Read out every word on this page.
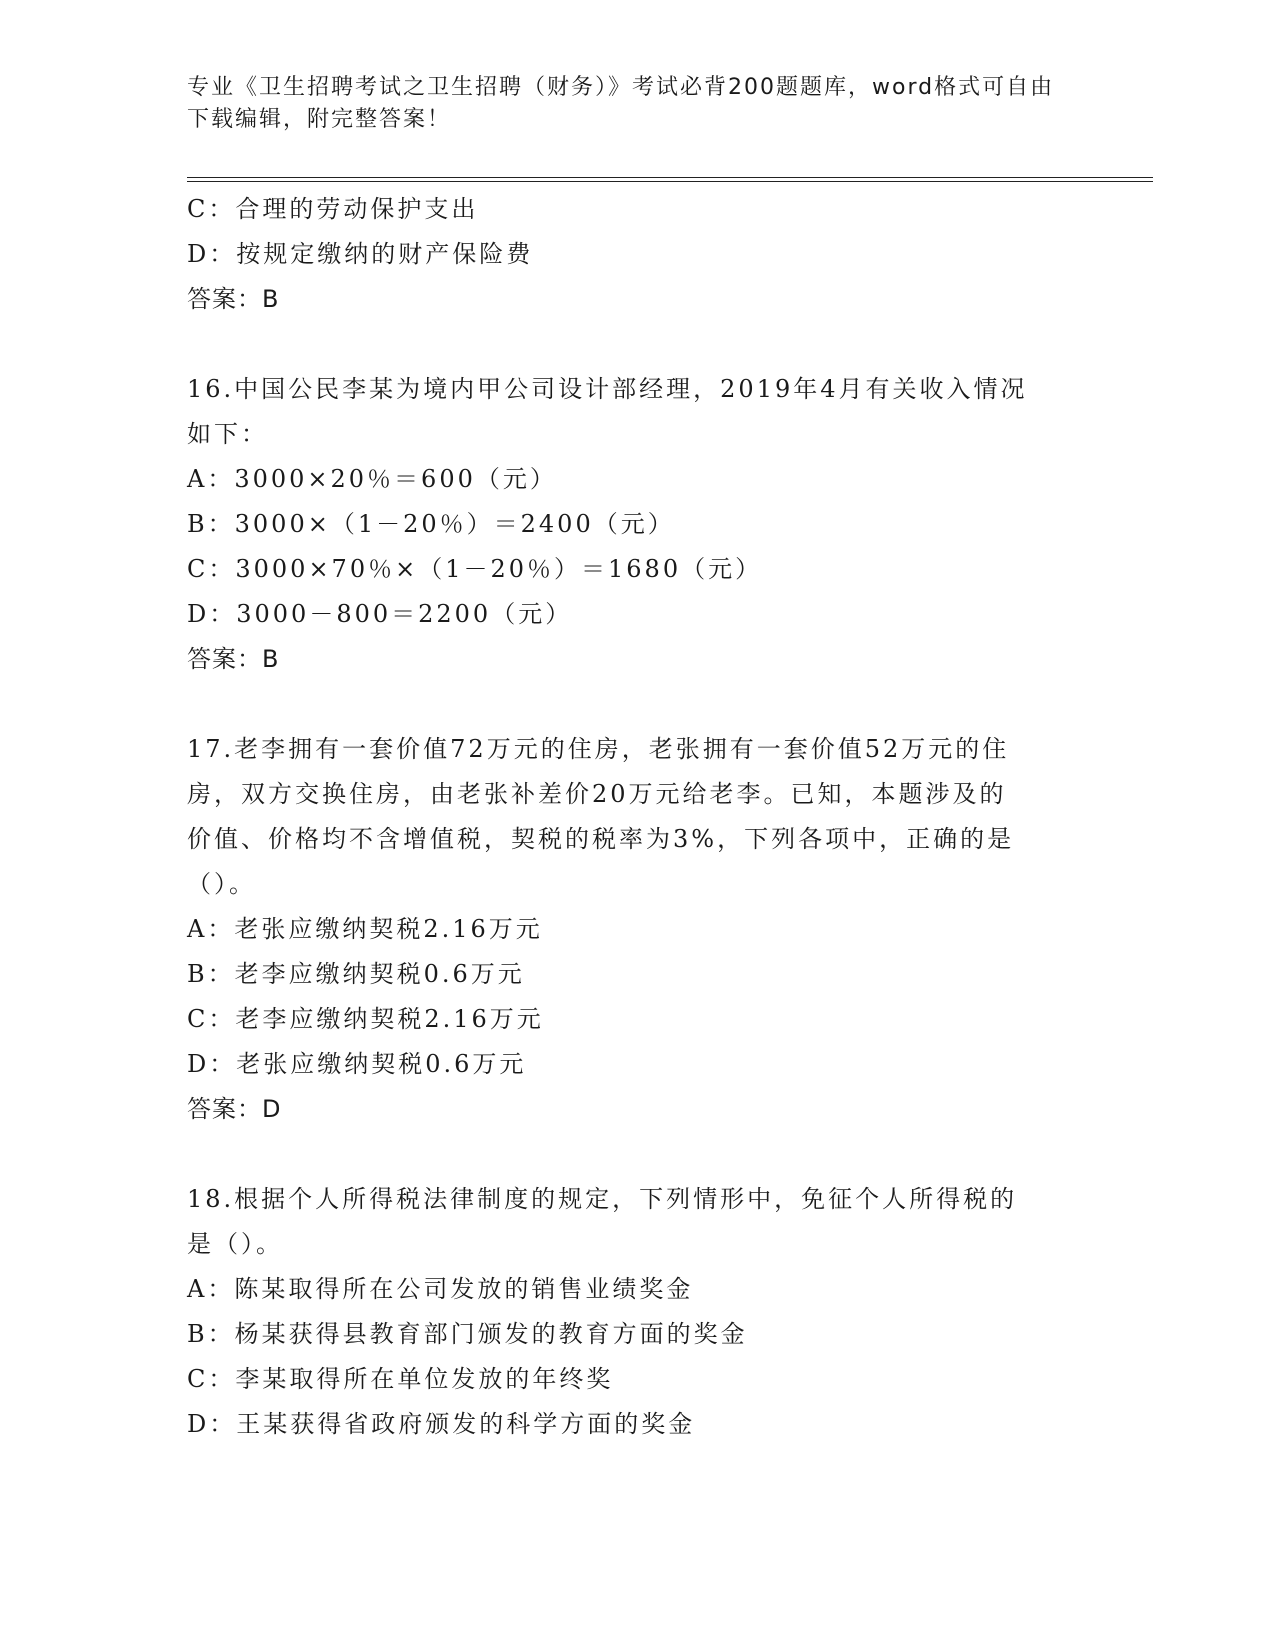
专业《卫生招聘考试之卫生招聘（财务）》考试必背200题题库，word格式可自由下载编辑，附完整答案！
C：合理的劳动保护支出
D：按规定缴纳的财产保险费
答案：B
16.中国公民李某为境内甲公司设计部经理，2019年4月有关收入情况
如下：
A：3000×20％＝600（元）
B：3000×（1－20％）＝2400（元）
C：3000×70％×（1－20％）＝1680（元）
D：3000－800＝2200（元）
答案：B
17.老李拥有一套价值72万元的住房，老张拥有一套价值52万元的住
房，双方交换住房，由老张补差价20万元给老李。已知，本题涉及的
价值、价格均不含增值税，契税的税率为3%，下列各项中，正确的是
（）。
A：老张应缴纳契税2.16万元
B：老李应缴纳契税0.6万元
C：老李应缴纳契税2.16万元
D：老张应缴纳契税0.6万元
答案：D
18.根据个人所得税法律制度的规定，下列情形中，免征个人所得税的
是（）。
A：陈某取得所在公司发放的销售业绩奖金
B：杨某获得县教育部门颁发的教育方面的奖金
C：李某取得所在单位发放的年终奖
D：王某获得省政府颁发的科学方面的奖金
